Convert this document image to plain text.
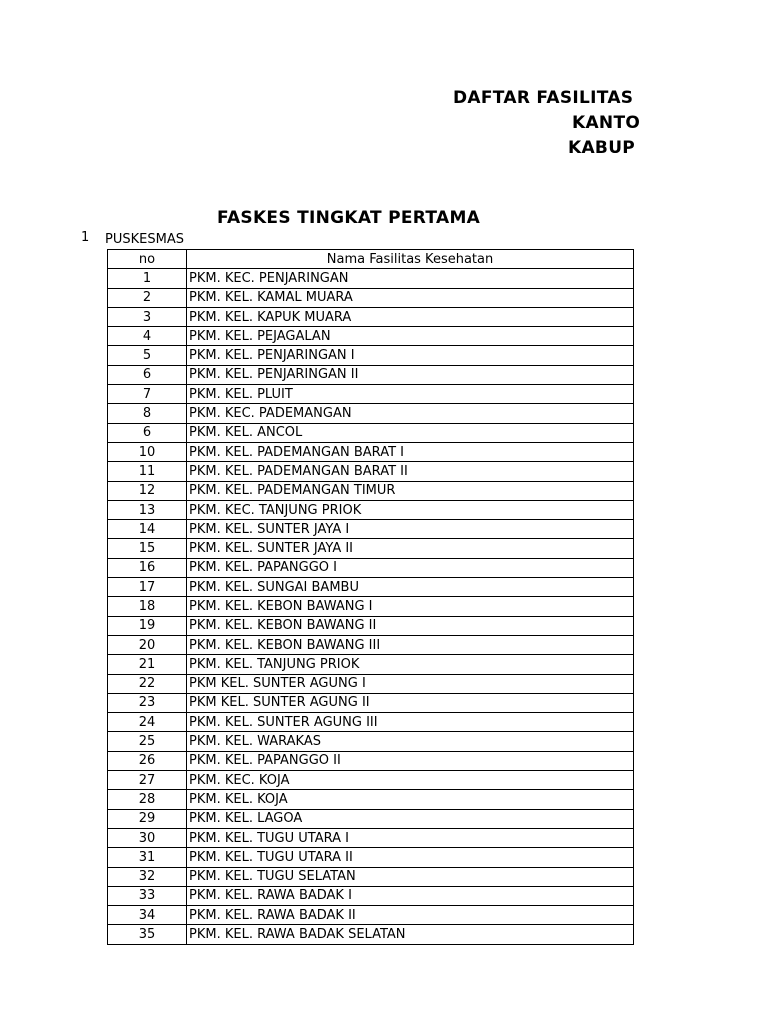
DAFTAR FASILITAS
KANTO
KABUP
FASKES TINGKAT PERTAMA
1 PUSKESMAS
no	Nama Fasilitas Kesehatan
1	PKM. KEC. PENJARINGAN
2	PKM. KEL. KAMAL MUARA
3	PKM. KEL. KAPUK MUARA
4	PKM. KEL. PEJAGALAN
5	PKM. KEL. PENJARINGAN I
6	PKM. KEL. PENJARINGAN II
7	PKM. KEL. PLUIT
8	PKM. KEC. PADEMANGAN
6	PKM. KEL. ANCOL
10	PKM. KEL. PADEMANGAN BARAT I
11	PKM. KEL. PADEMANGAN BARAT II
12	PKM. KEL. PADEMANGAN TIMUR
13	PKM. KEC. TANJUNG PRIOK
14	PKM. KEL. SUNTER JAYA I
15	PKM. KEL. SUNTER JAYA II
16	PKM. KEL. PAPANGGO I
17	PKM. KEL. SUNGAI BAMBU
18	PKM. KEL. KEBON BAWANG I
19	PKM. KEL. KEBON BAWANG II
20	PKM. KEL. KEBON BAWANG III
21	PKM. KEL. TANJUNG PRIOK
22	PKM KEL. SUNTER AGUNG I
23	PKM KEL. SUNTER AGUNG II
24	PKM. KEL. SUNTER AGUNG III
25	PKM. KEL. WARAKAS
26	PKM. KEL. PAPANGGO II
27	PKM. KEC. KOJA
28	PKM. KEL. KOJA
29	PKM. KEL. LAGOA
30	PKM. KEL. TUGU UTARA I
31	PKM. KEL. TUGU UTARA II
32	PKM. KEL. TUGU SELATAN
33	PKM. KEL. RAWA BADAK I
34	PKM. KEL. RAWA BADAK II
35	PKM. KEL. RAWA BADAK SELATAN
